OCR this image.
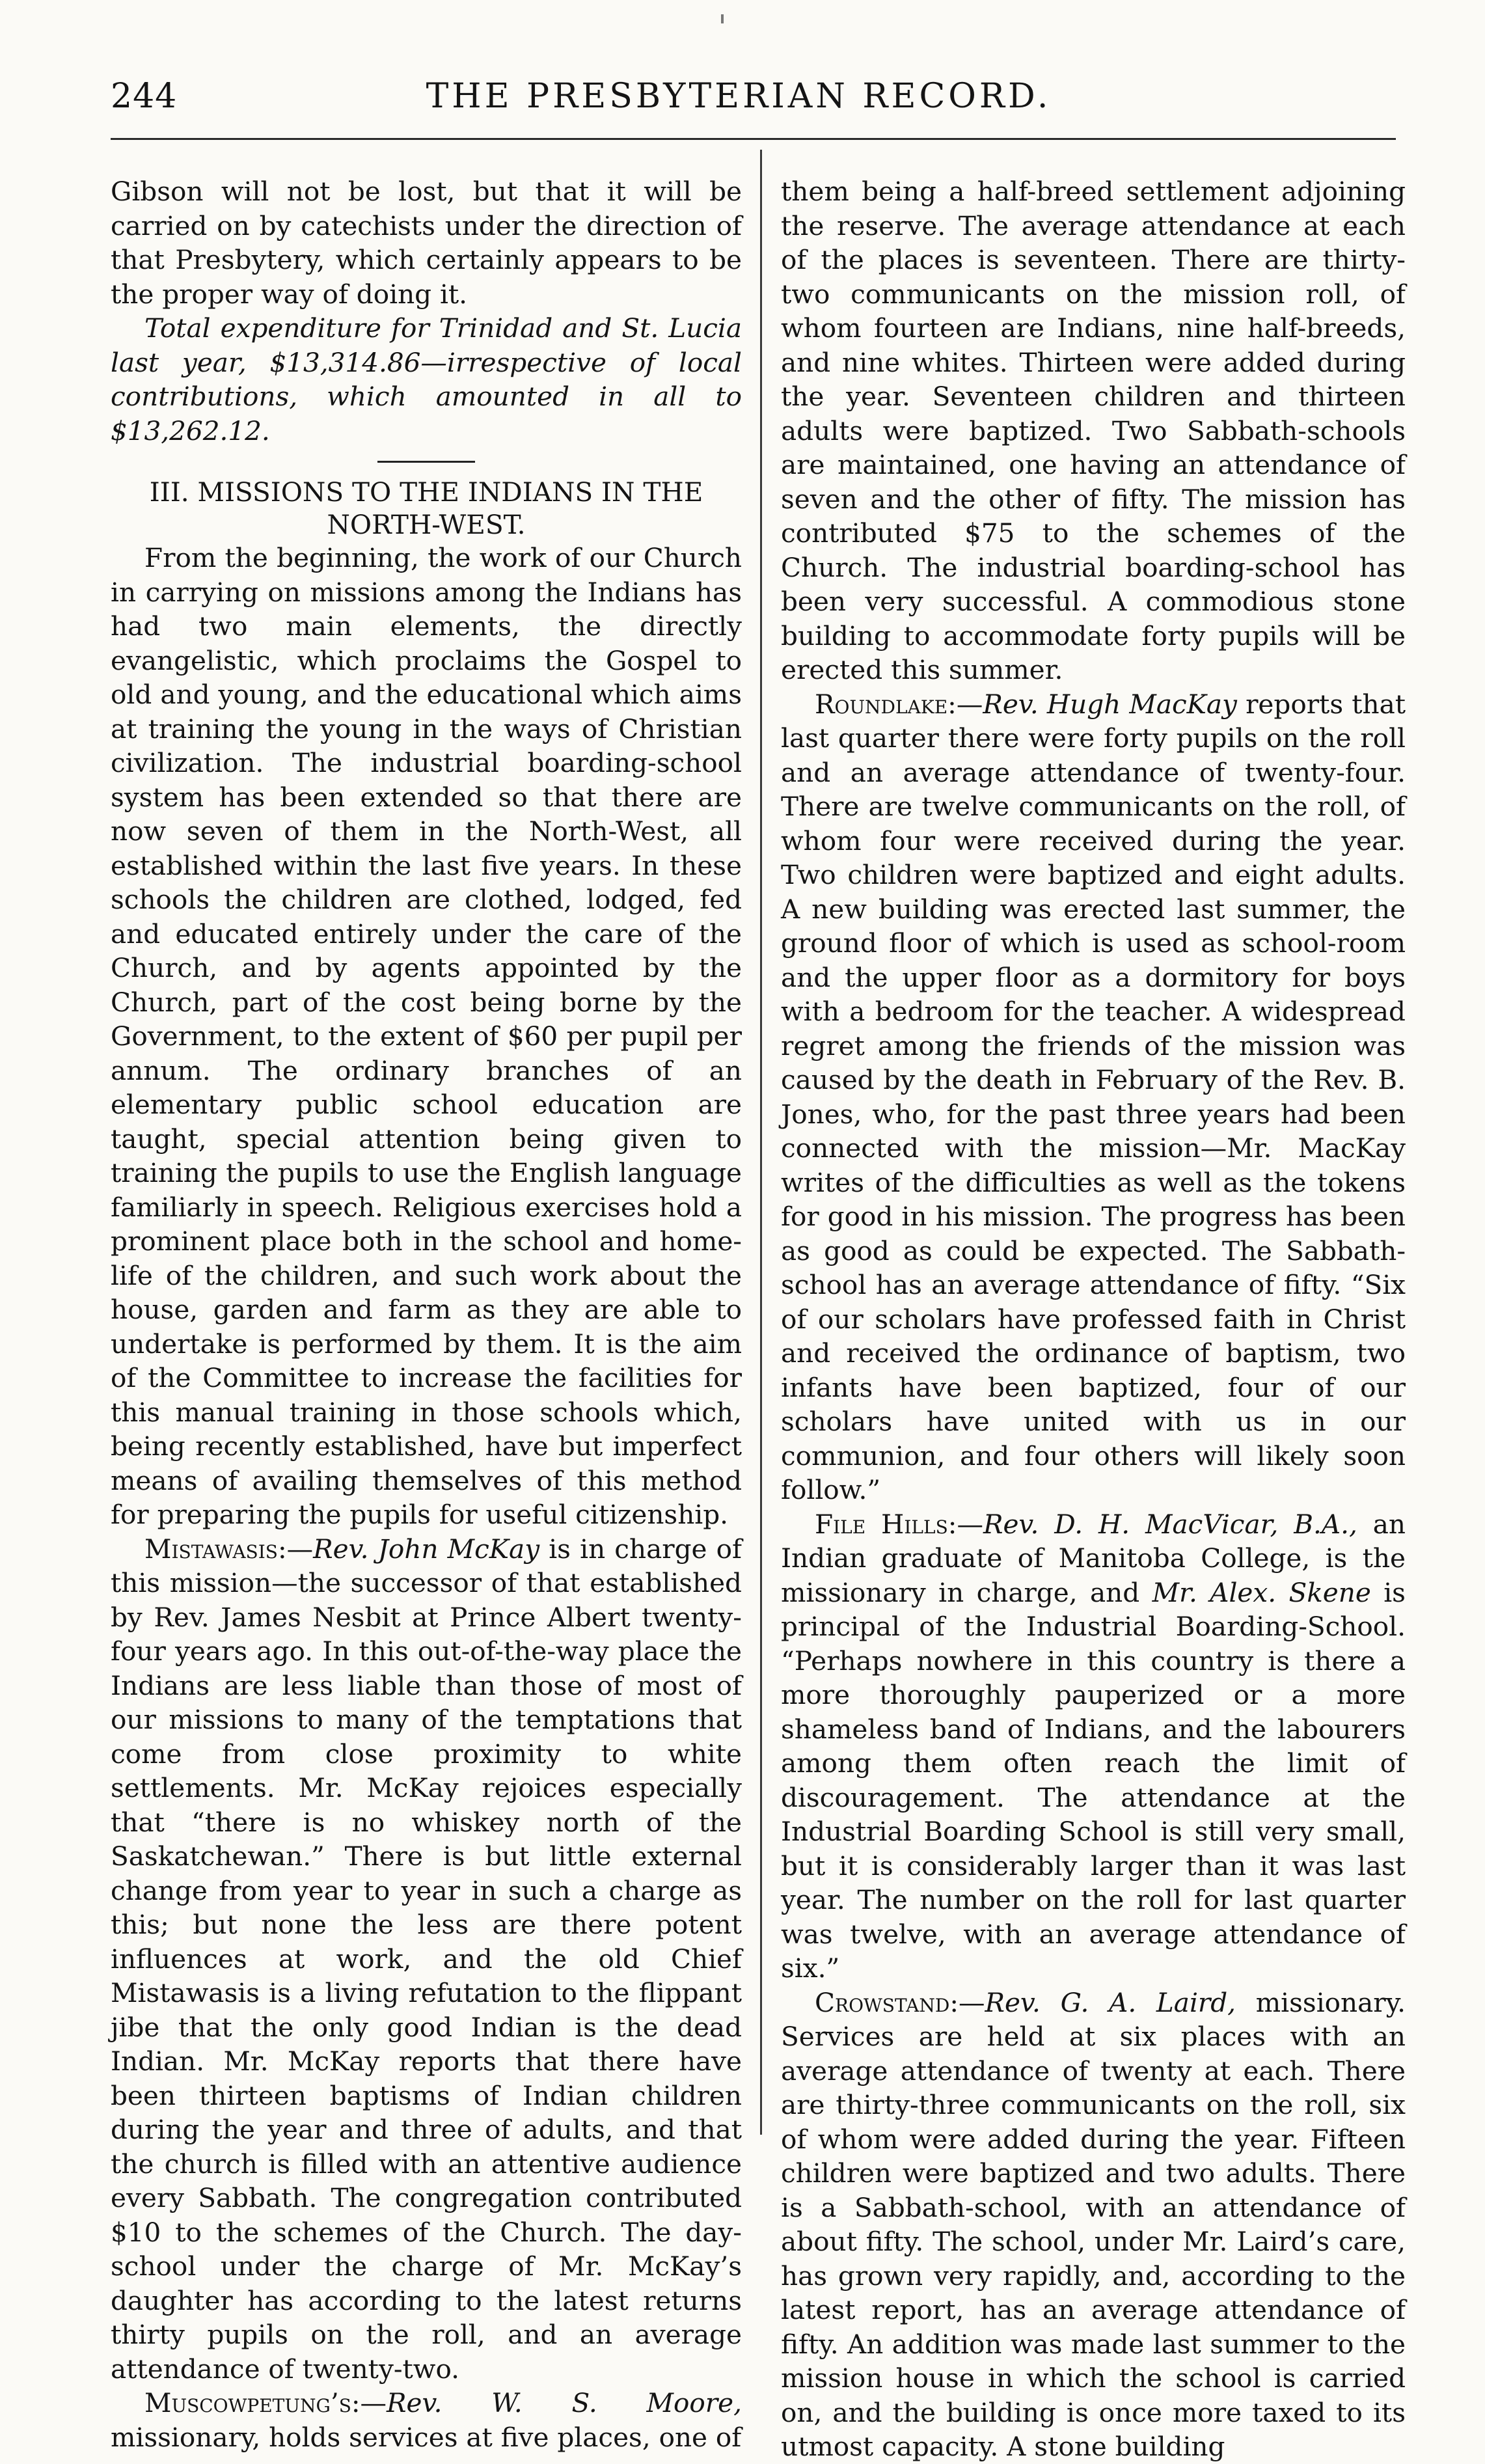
244	THE PRESBYTERIAN RECORD.

Gibson will not be lost, but that it will be carried on by catechists under the direction of that Presbytery, which certainly appears to be the proper way of doing it.

Total expenditure for Trinidad and St. Lucia last year, $13,314.86—irrespective of local contributions, which amounted in all to $13,262.12.

III. MISSIONS TO THE INDIANS IN THE NORTH-WEST.

From the beginning, the work of our Church in carrying on missions among the Indians has had two main elements, the directly evangelistic, which proclaims the Gospel to old and young, and the educational which aims at training the young in the ways of Christian civilization. The industrial boarding-school system has been extended so that there are now seven of them in the North-West, all established within the last five years. In these schools the children are clothed, lodged, fed and educated entirely under the care of the Church, and by agents appointed by the Church, part of the cost being borne by the Government, to the extent of $60 per pupil per annum. The ordinary branches of an elementary public school education are taught, special attention being given to training the pupils to use the English language familiarly in speech. Religious exercises hold a prominent place both in the school and home-life of the children, and such work about the house, garden and farm as they are able to undertake is performed by them. It is the aim of the Committee to increase the facilities for this manual training in those schools which, being recently established, have but imperfect means of availing themselves of this method for preparing the pupils for useful citizenship.

Mistawasis:—Rev. John McKay is in charge of this mission—the successor of that established by Rev. James Nesbit at Prince Albert twenty-four years ago. In this out-of-the-way place the Indians are less liable than those of most of our missions to many of the temptations that come from close proximity to white settlements. Mr. McKay rejoices especially that “there is no whiskey north of the Saskatchewan.” There is but little external change from year to year in such a charge as this; but none the less are there potent influences at work, and the old Chief Mistawasis is a living refutation to the flippant jibe that the only good Indian is the dead Indian. Mr. McKay reports that there have been thirteen baptisms of Indian children during the year and three of adults, and that the church is filled with an attentive audience every Sabbath. The congregation contributed $10 to the schemes of the Church. The day-school under the charge of Mr. McKay’s daughter has according to the latest returns thirty pupils on the roll, and an average attendance of twenty-two.

Muscowpetung’s:—Rev. W. S. Moore, missionary, holds services at five places, one of

them being a half-breed settlement adjoining the reserve. The average attendance at each of the places is seventeen. There are thirty-two communicants on the mission roll, of whom fourteen are Indians, nine half-breeds, and nine whites. Thirteen were added during the year. Seventeen children and thirteen adults were baptized. Two Sabbath-schools are maintained, one having an attendance of seven and the other of fifty. The mission has contributed $75 to the schemes of the Church. The industrial boarding-school has been very successful. A commodious stone building to accommodate forty pupils will be erected this summer.

Roundlake:—Rev. Hugh MacKay reports that last quarter there were forty pupils on the roll and an average attendance of twenty-four. There are twelve communicants on the roll, of whom four were received during the year. Two children were baptized and eight adults. A new building was erected last summer, the ground floor of which is used as school-room and the upper floor as a dormitory for boys with a bedroom for the teacher. A widespread regret among the friends of the mission was caused by the death in February of the Rev. B. Jones, who, for the past three years had been connected with the mission—Mr. MacKay writes of the difficulties as well as the tokens for good in his mission. The progress has been as good as could be expected. The Sabbath-school has an average attendance of fifty. “Six of our scholars have professed faith in Christ and received the ordinance of baptism, two infants have been baptized, four of our scholars have united with us in our communion, and four others will likely soon follow.”

File Hills:—Rev. D. H. MacVicar, B.A., an Indian graduate of Manitoba College, is the missionary in charge, and Mr. Alex. Skene is principal of the Industrial Boarding-School. “Perhaps nowhere in this country is there a more thoroughly pauperized or a more shameless band of Indians, and the labourers among them often reach the limit of discouragement. The attendance at the Industrial Boarding School is still very small, but it is considerably larger than it was last year. The number on the roll for last quarter was twelve, with an average attendance of six.”

Crowstand:—Rev. G. A. Laird, missionary. Services are held at six places with an average attendance of twenty at each. There are thirty-three communicants on the roll, six of whom were added during the year. Fifteen children were baptized and two adults. There is a Sabbath-school, with an attendance of about fifty. The school, under Mr. Laird’s care, has grown very rapidly, and, according to the latest report, has an average attendance of fifty. An addition was made last summer to the mission house in which the school is carried on, and the building is once more taxed to its utmost capacity. A stone building
